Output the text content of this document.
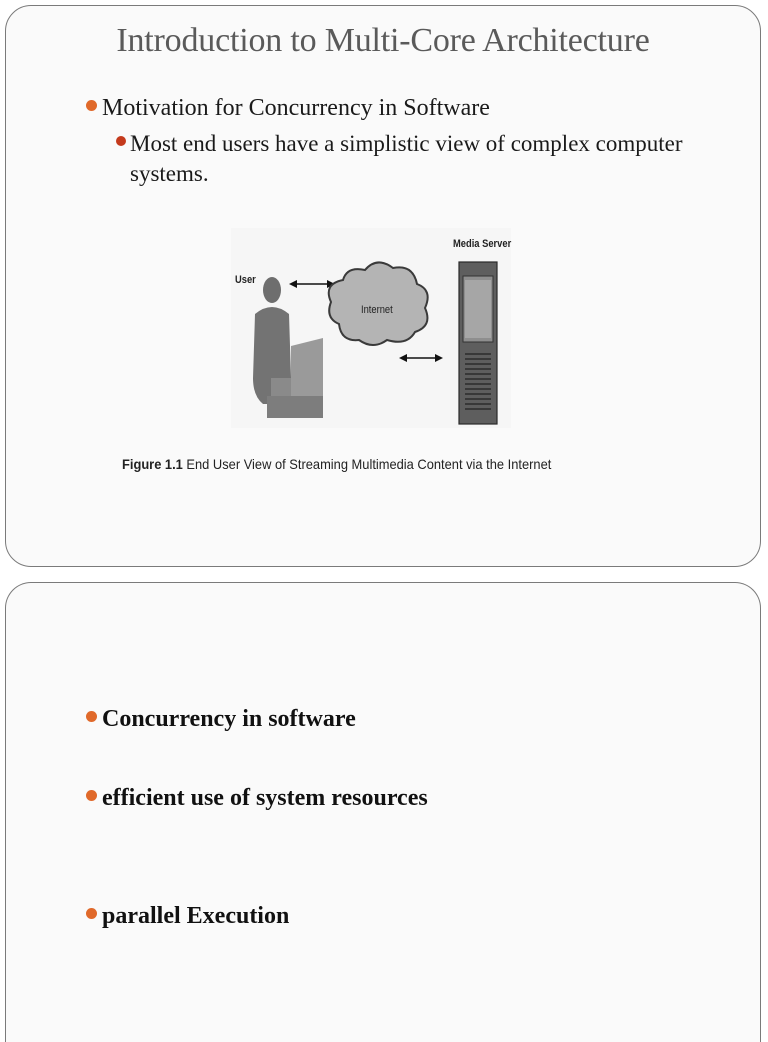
Introduction to Multi-Core Architecture
Motivation for Concurrency in Software
Most end users have a simplistic view of complex computer systems.
User
Internet
Media Server
Figure 1.1 End User View of Streaming Multimedia Content via the Internet
Concurrency in software
efficient use of system resources
parallel Execution
